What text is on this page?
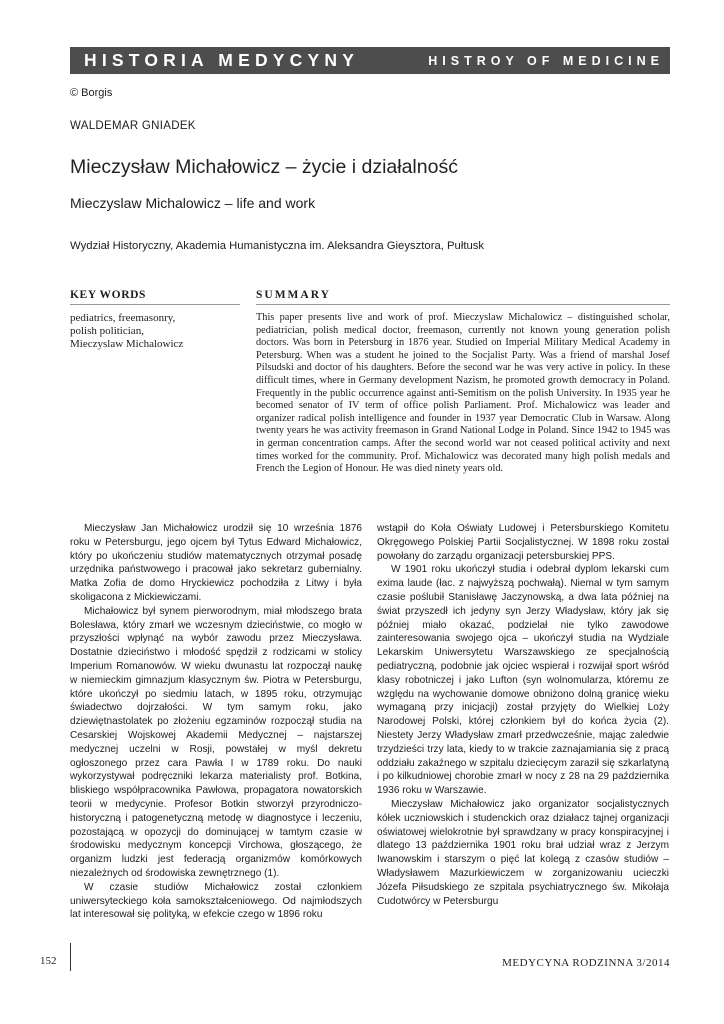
HISTORIA MEDYCYNY	HISTROY OF MEDICINE
© Borgis
WALDEMAR GNIADEK
Mieczysław Michałowicz – życie i działalność
Mieczyslaw Michalowicz – life and work
Wydział Historyczny, Akademia Humanistyczna im. Aleksandra Gieysztora, Pułtusk
KEY WORDS
pediatrics, freemasonry,
polish politician,
Mieczyslaw Michalowicz
SUMMARY
This paper presents live and work of prof. Mieczyslaw Michalowicz – distinguished scholar, pediatrician, polish medical doctor, freemason, currently not known young generation polish doctors. Was born in Petersburg in 1876 year. Studied on Imperial Military Medical Academy in Petersburg. When was a student he joined to the Socjalist Party. Was a friend of marshal Josef Pilsudski and doctor of his daughters. Before the second war he was very active in policy. In these difficult times, where in Germany development Nazism, he promoted growth democracy in Poland. Frequently in the public occurrence against anti-Semitism on the polish University. In 1935 year he becomed senator of IV term of office polish Parliament. Prof. Michalowicz was leader and organizer radical polish intelligence and founder in 1937 year Democratic Club in Warsaw. Along twenty years he was activity freemason in Grand National Lodge in Poland. Since 1942 to 1945 was in german concentration camps. After the second world war not ceased political activity and next times worked for the community. Prof. Michalowicz was decorated many high polish medals and French the Legion of Honour. He was died ninety years old.

Mieczysław Jan Michałowicz urodził się 10 września 1876 roku w Petersburgu, jego ojcem był Tytus Edward Michałowicz, który po ukończeniu studiów matematycznych otrzymał posadę urzędnika państwowego i pracował jako sekretarz gubernialny. Matka Zofia de domo Hryckiewicz pochodziła z Litwy i była skoligacona z Mickiewiczami.

Michałowicz był synem pierworodnym, miał młodszego brata Bolesława, który zmarł we wczesnym dzieciństwie, co mogło w przyszłości wpłynąć na wybór zawodu przez Mieczysława. Dostatnie dzieciństwo i młodość spędził z rodzicami w stolicy Imperium Romanowów. W wieku dwunastu lat rozpoczął naukę w niemieckim gimnazjum klasycznym św. Piotra w Petersburgu, które ukończył po siedmiu latach, w 1895 roku, otrzymując świadectwo dojrzałości. W tym samym roku, jako dziewiętnastolatek po złożeniu egzaminów rozpoczął studia na Cesarskiej Wojskowej Akademii Medycznej – najstarszej medycznej uczelni w Rosji, powstałej w myśl dekretu ogłoszonego przez cara Pawła I w 1789 roku. Do nauki wykorzystywał podręczniki lekarza materialisty prof. Botkina, bliskiego współpracownika Pawłowa, propagatora nowatorskich teorii w medycynie. Profesor Botkin stworzył przyrodniczo-historyczną i patogenetyczną metodę w diagnostyce i leczeniu, pozostającą w opozycji do dominującej w tamtym czasie w środowisku medycznym koncepcji Virchowa, głoszącego, że organizm ludzki jest federacją organizmów komórkowych niezależnych od środowiska zewnętrznego (1).

W czasie studiów Michałowicz został członkiem uniwersyteckiego koła samokształceniowego. Od najmłodszych lat interesował się polityką, w efekcie czego w 1896 roku

wstąpił do Koła Oświaty Ludowej i Petersburskiego Komitetu Okręgowego Polskiej Partii Socjalistycznej. W 1898 roku został powołany do zarządu organizacji petersburskiej PPS.

W 1901 roku ukończył studia i odebrał dyplom lekarski cum exima laude (łac. z najwyższą pochwałą). Niemal w tym samym czasie poślubił Stanisławę Jaczynowską, a dwa lata później na świat przyszedł ich jedyny syn Jerzy Władysław, który jak się później miało okazać, podzielał nie tylko zawodowe zainteresowania swojego ojca – ukończył studia na Wydziale Lekarskim Uniwersytetu Warszawskiego ze specjalnością pediatryczną, podobnie jak ojciec wspierał i rozwijał sport wśród klasy robotniczej i jako Lufton (syn wolnomularza, któremu ze względu na wychowanie domowe obniżono dolną granicę wieku wymaganą przy inicjacji) został przyjęty do Wielkiej Loży Narodowej Polski, której członkiem był do końca życia (2). Niestety Jerzy Władysław zmarł przedwcześnie, mając zaledwie trzydzieści trzy lata, kiedy to w trakcie zaznajamiania się z pracą oddziału zakaźnego w szpitalu dziecięcym zaraził się szkarlatyną i po kilkudniowej chorobie zmarł w nocy z 28 na 29 października 1936 roku w Warszawie.

Mieczysław Michałowicz jako organizator socjalistycznych kółek uczniowskich i studenckich oraz działacz tajnej organizacji oświatowej wielokrotnie był sprawdzany w pracy konspiracyjnej i dlatego 13 października 1901 roku brał udział wraz z Jerzym Iwanowskim i starszym o pięć lat kolegą z czasów studiów – Władysławem Mazurkiewiczem w zorganizowaniu ucieczki Józefa Piłsudskiego ze szpitala psychiatrycznego św. Mikołaja Cudotwórcy w Petersburgu

152	MEDYCYNA RODZINNA 3/2014
